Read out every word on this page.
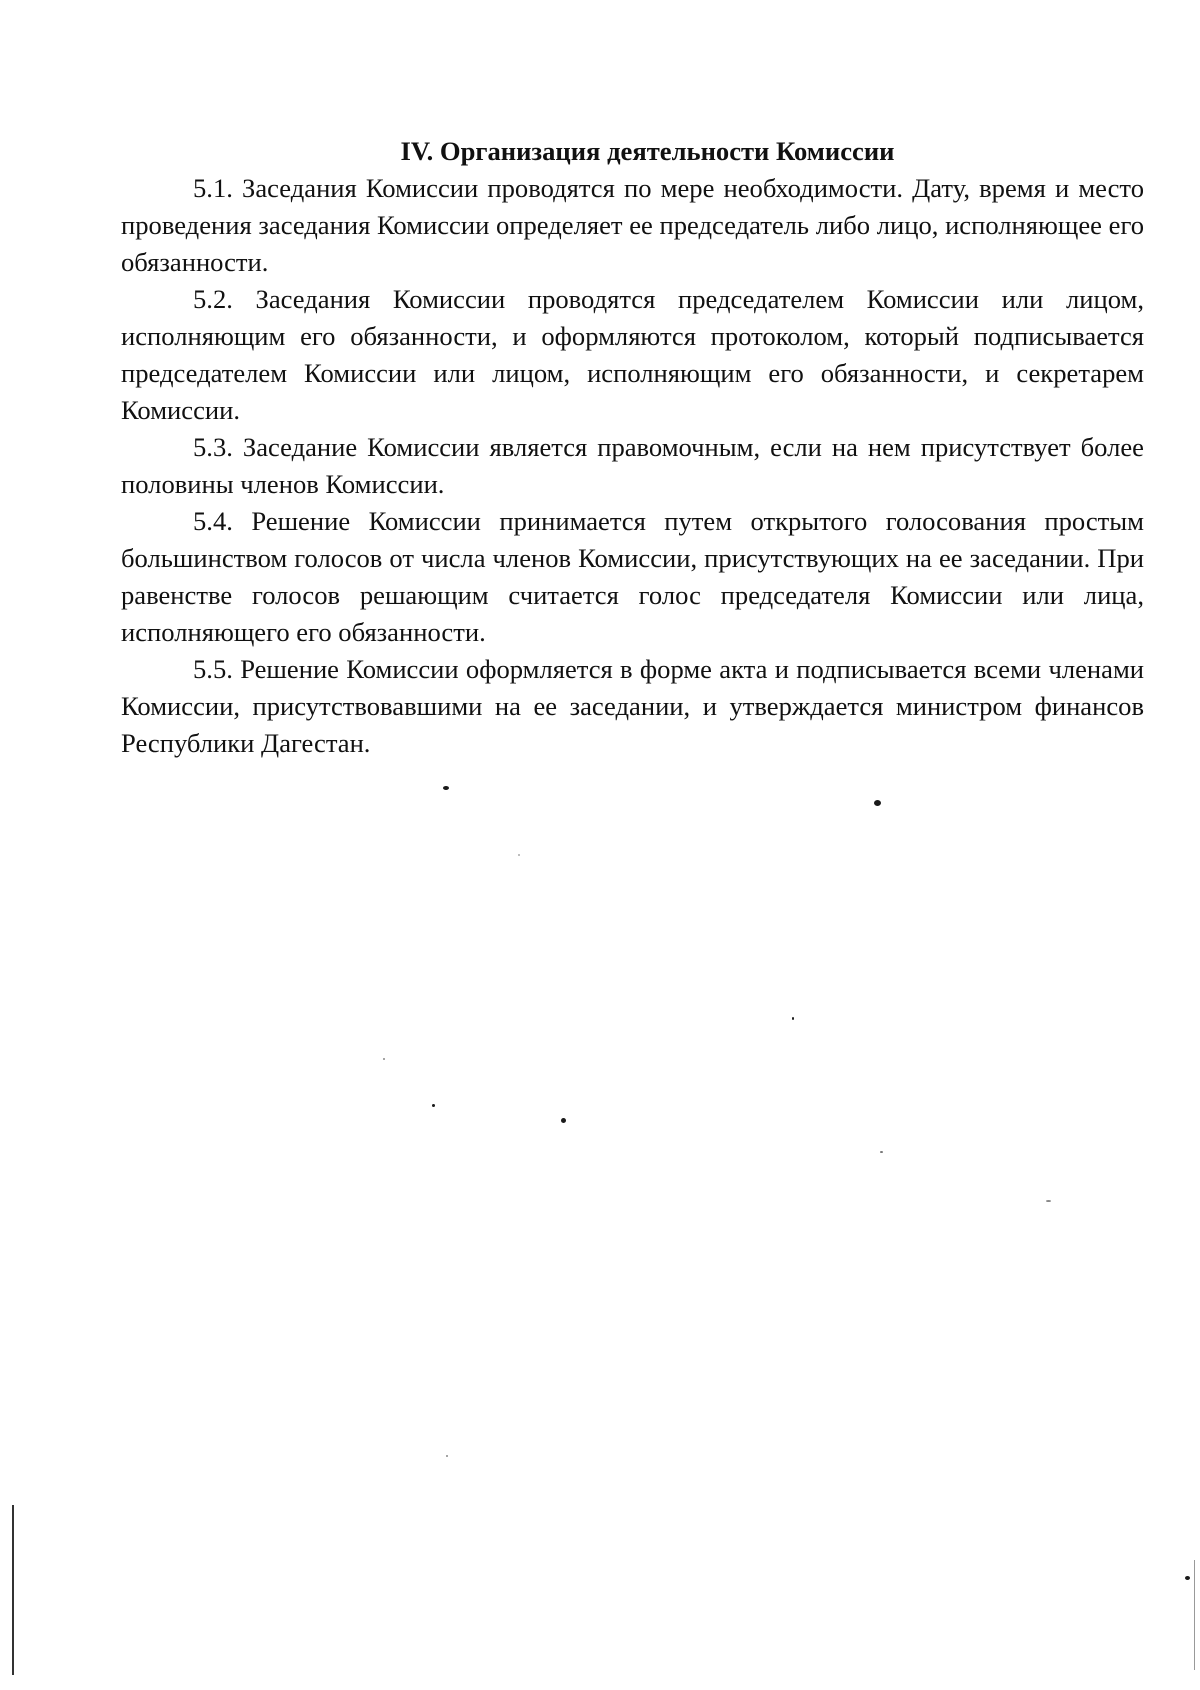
IV. Организация деятельности Комиссии

5.1. Заседания Комиссии проводятся по мере необходимости. Дату, время и место проведения заседания Комиссии определяет ее председатель либо лицо, исполняющее его обязанности.

5.2. Заседания Комиссии проводятся председателем Комиссии или лицом, исполняющим его обязанности, и оформляются протоколом, который подписывается председателем Комиссии или лицом, исполняющим его обязанности, и секретарем Комиссии.

5.3. Заседание Комиссии является правомочным, если на нем присутствует более половины членов Комиссии.

5.4. Решение Комиссии принимается путем открытого голосования простым большинством голосов от числа членов Комиссии, присутствующих на ее заседании. При равенстве голосов решающим считается голос председателя Комиссии или лица, исполняющего его обязанности.

5.5. Решение Комиссии оформляется в форме акта и подписывается всеми членами Комиссии, присутствовавшими на ее заседании, и утверждается министром финансов Республики Дагестан.
